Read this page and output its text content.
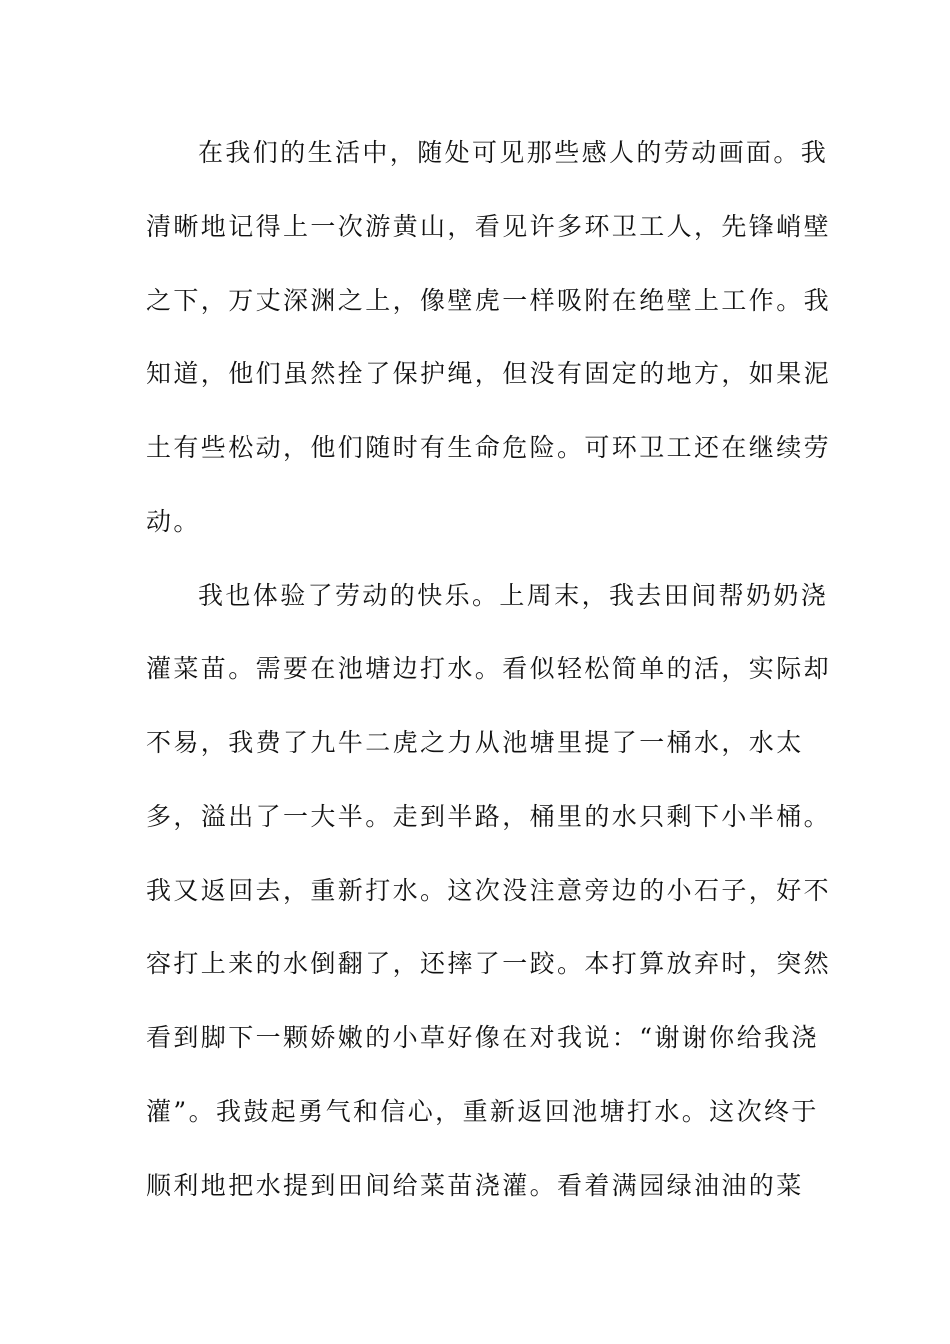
在我们的生活中，随处可见那些感人的劳动画面。我
清晰地记得上一次游黄山，看见许多环卫工人，先锋峭壁
之下，万丈深渊之上，像壁虎一样吸附在绝壁上工作。我
知道，他们虽然拴了保护绳，但没有固定的地方，如果泥
土有些松动，他们随时有生命危险。可环卫工还在继续劳
动。
我也体验了劳动的快乐。上周末，我去田间帮奶奶浇
灌菜苗。需要在池塘边打水。看似轻松简单的活，实际却
不易，我费了九牛二虎之力从池塘里提了一桶水，水太
多，溢出了一大半。走到半路，桶里的水只剩下小半桶。
我又返回去，重新打水。这次没注意旁边的小石子，好不
容打上来的水倒翻了，还摔了一跤。本打算放弃时，突然
看到脚下一颗娇嫩的小草好像在对我说：“谢谢你给我浇
灌”。我鼓起勇气和信心，重新返回池塘打水。这次终于
顺利地把水提到田间给菜苗浇灌。看着满园绿油油的菜
